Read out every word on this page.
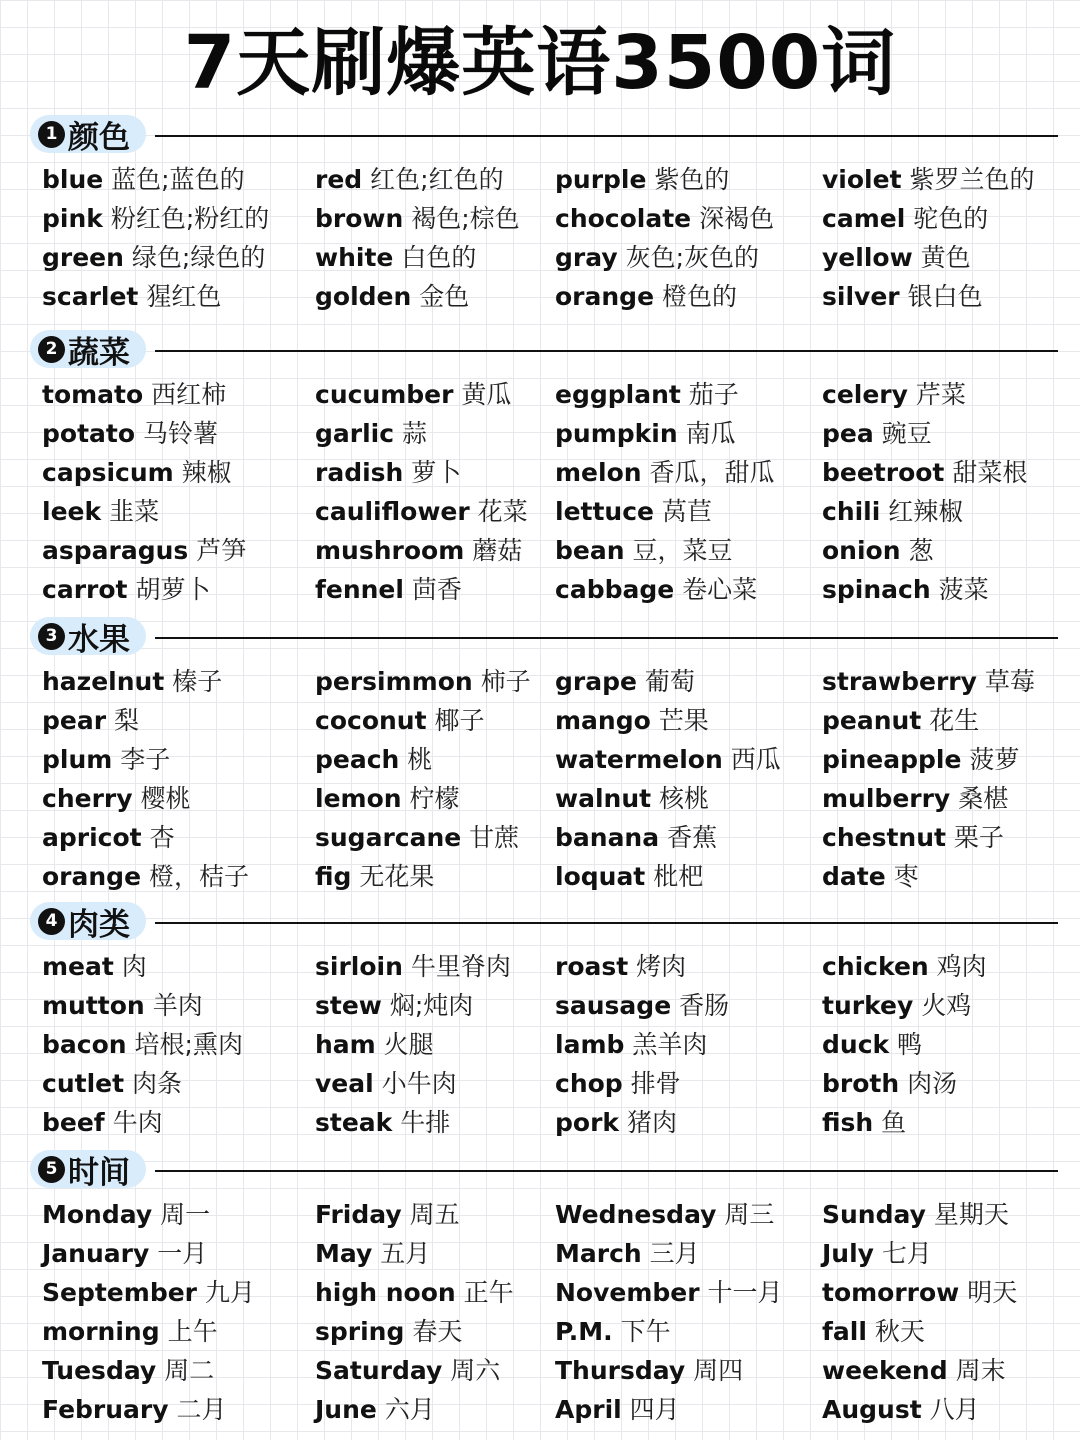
7天刷爆英语3500词
1 颜色
blue 蓝色;蓝色的
pink 粉红色;粉红的
green 绿色;绿色的
scarlet 猩红色
red 红色;红色的
brown 褐色;棕色
white 白色的
golden 金色
purple 紫色的
chocolate 深褐色
gray 灰色;灰色的
orange 橙色的
violet 紫罗兰色的
camel 驼色的
yellow 黄色
silver 银白色
2 蔬菜
tomato 西红柿
potato 马铃薯
capsicum 辣椒
leek 韭菜
asparagus 芦笋
carrot 胡萝卜
cucumber 黄瓜
garlic 蒜
radish 萝卜
cauliflower 花菜
mushroom 蘑菇
fennel 茴香
eggplant 茄子
pumpkin 南瓜
melon 香瓜，甜瓜
lettuce 莴苣
bean 豆，菜豆
cabbage 卷心菜
celery 芹菜
pea 豌豆
beetroot 甜菜根
chili 红辣椒
onion 葱
spinach 菠菜
3 水果
hazelnut 榛子
pear 梨
plum 李子
cherry 樱桃
apricot 杏
orange 橙，桔子
persimmon 柿子
coconut 椰子
peach 桃
lemon 柠檬
sugarcane 甘蔗
fig 无花果
grape 葡萄
mango 芒果
watermelon 西瓜
walnut 核桃
banana 香蕉
loquat 枇杷
strawberry 草莓
peanut 花生
pineapple 菠萝
mulberry 桑椹
chestnut 栗子
date 枣
4 肉类
meat 肉
mutton 羊肉
bacon 培根;熏肉
cutlet 肉条
beef 牛肉
sirloin 牛里脊肉
stew 焖;炖肉
ham 火腿
veal 小牛肉
steak 牛排
roast 烤肉
sausage 香肠
lamb 羔羊肉
chop 排骨
pork 猪肉
chicken 鸡肉
turkey 火鸡
duck 鸭
broth 肉汤
fish 鱼
5 时间
Monday 周一
January 一月
September 九月
morning 上午
Tuesday 周二
February 二月
Friday 周五
May 五月
high noon 正午
spring 春天
Saturday 周六
June 六月
Wednesday 周三
March 三月
November 十一月
P.M. 下午
Thursday 周四
April 四月
Sunday 星期天
July 七月
tomorrow 明天
fall 秋天
weekend 周末
August 八月
